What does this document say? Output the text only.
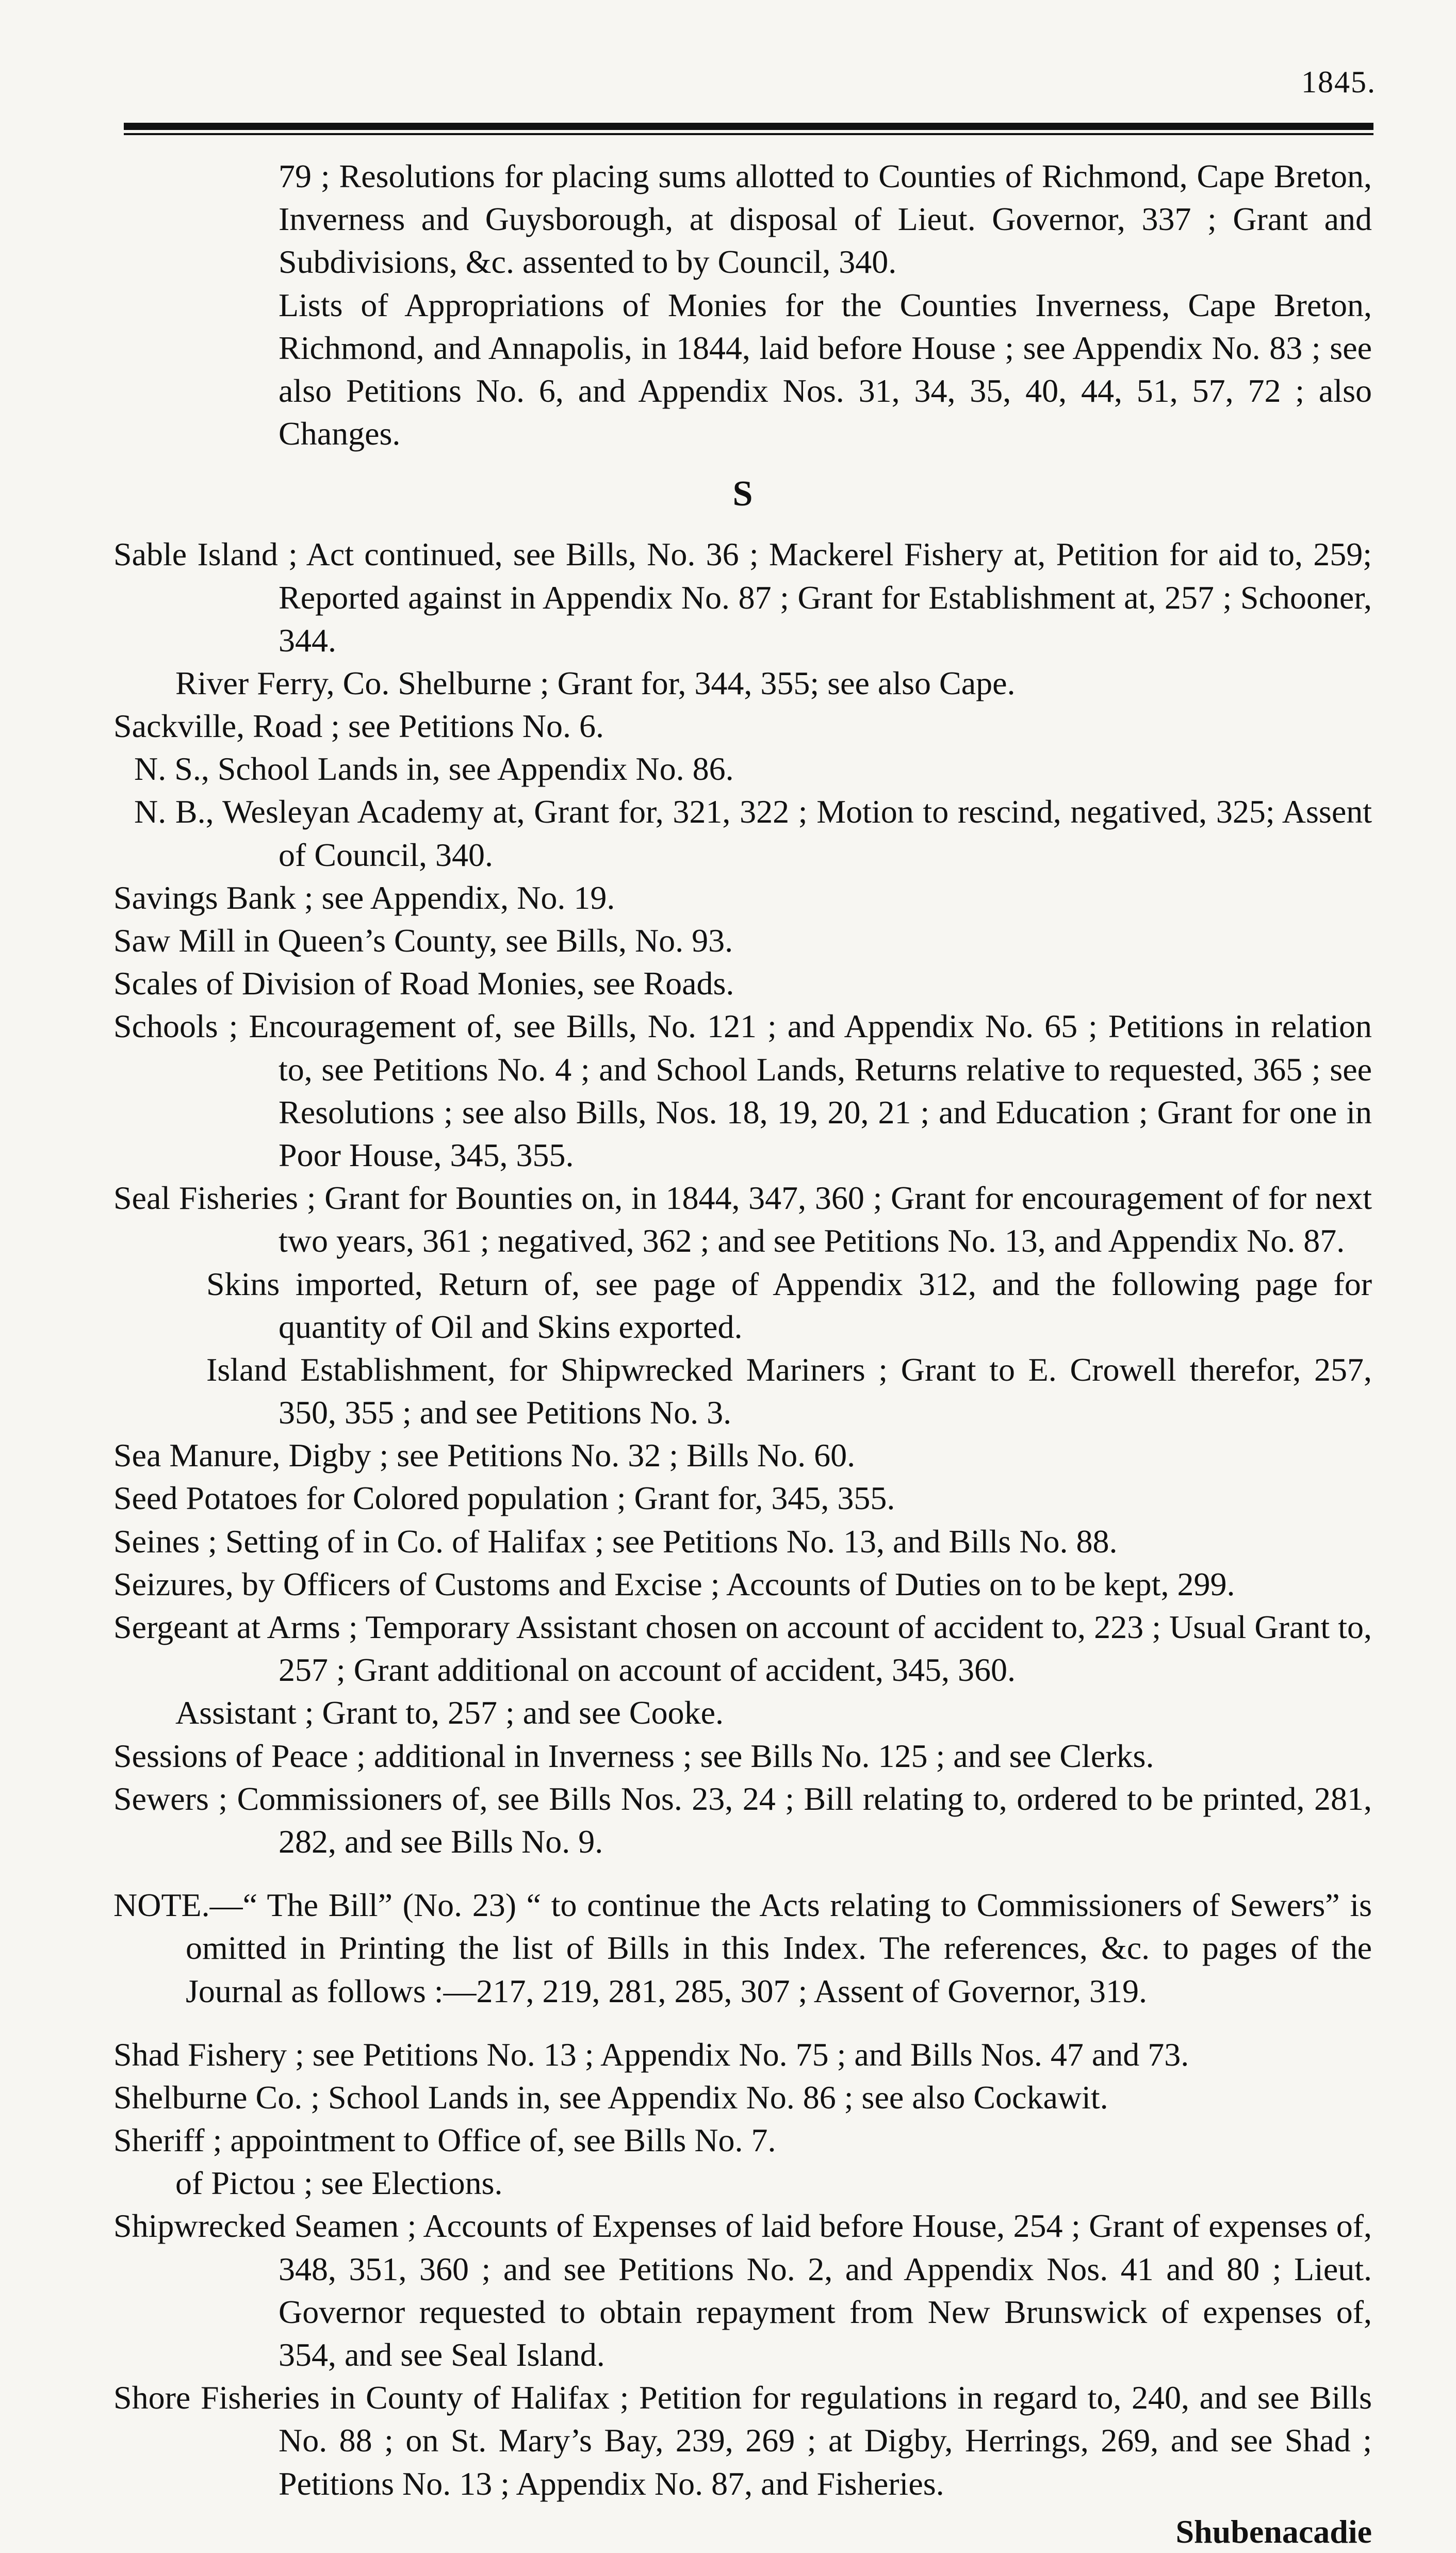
1845.

79 ; Resolutions for placing sums allotted to Counties of Richmond, Cape Breton, Inverness and Guysborough, at disposal of Lieut. Governor, 337 ; Grant and Subdivisions, &c. assented to by Council, 340.

Lists of Appropriations of Monies for the Counties Inverness, Cape Breton, Richmond, and Annapolis, in 1844, laid before House ; see Appendix No. 83 ; see also Petitions No. 6, and Appendix Nos. 31, 34, 35, 40, 44, 51, 57, 72 ; also Changes.

S

Sable Island ; Act continued, see Bills, No. 36 ; Mackerel Fishery at, Petition for aid to, 259; Reported against in Appendix No. 87 ; Grant for Establishment at, 257 ; Schooner, 344.

River Ferry, Co. Shelburne ; Grant for, 344, 355; see also Cape.

Sackville, Road ; see Petitions No. 6.

N. S., School Lands in, see Appendix No. 86.

N. B., Wesleyan Academy at, Grant for, 321, 322 ; Motion to rescind, negatived, 325; Assent of Council, 340.

Savings Bank ; see Appendix, No. 19.

Saw Mill in Queen’s County, see Bills, No. 93.

Scales of Division of Road Monies, see Roads.

Schools ; Encouragement of, see Bills, No. 121 ; and Appendix No. 65 ; Petitions in relation to, see Petitions No. 4 ; and School Lands, Returns relative to requested, 365 ; see Resolutions ; see also Bills, Nos. 18, 19, 20, 21 ; and Education ; Grant for one in Poor House, 345, 355.

Seal Fisheries ; Grant for Bounties on, in 1844, 347, 360 ; Grant for encouragement of for next two years, 361 ; negatived, 362 ; and see Petitions No. 13, and Appendix No. 87.

Skins imported, Return of, see page of Appendix 312, and the following page for quantity of Oil and Skins exported.

Island Establishment, for Shipwrecked Mariners ; Grant to E. Crowell therefor, 257, 350, 355 ; and see Petitions No. 3.

Sea Manure, Digby ; see Petitions No. 32 ; Bills No. 60.

Seed Potatoes for Colored population ; Grant for, 345, 355.

Seines ; Setting of in Co. of Halifax ; see Petitions No. 13, and Bills No. 88.

Seizures, by Officers of Customs and Excise ; Accounts of Duties on to be kept, 299.

Sergeant at Arms ; Temporary Assistant chosen on account of accident to, 223 ; Usual Grant to, 257 ; Grant additional on account of accident, 345, 360.

Assistant ; Grant to, 257 ; and see Cooke.

Sessions of Peace ; additional in Inverness ; see Bills No. 125 ; and see Clerks.

Sewers ; Commissioners of, see Bills Nos. 23, 24 ; Bill relating to, ordered to be printed, 281, 282, and see Bills No. 9.

NOTE.—“ The Bill” (No. 23) “ to continue the Acts relating to Commissioners of Sewers” is omitted in Printing the list of Bills in this Index. The references, &c. to pages of the Journal as follows :—217, 219, 281, 285, 307 ; Assent of Governor, 319.

Shad Fishery ; see Petitions No. 13 ; Appendix No. 75 ; and Bills Nos. 47 and 73.

Shelburne Co. ; School Lands in, see Appendix No. 86 ; see also Cockawit.

Sheriff ; appointment to Office of, see Bills No. 7.

of Pictou ; see Elections.

Shipwrecked Seamen ; Accounts of Expenses of laid before House, 254 ; Grant of expenses of, 348, 351, 360 ; and see Petitions No. 2, and Appendix Nos. 41 and 80 ; Lieut. Governor requested to obtain repayment from New Brunswick of expenses of, 354, and see Seal Island.

Shore Fisheries in County of Halifax ; Petition for regulations in regard to, 240, and see Bills No. 88 ; on St. Mary’s Bay, 239, 269 ; at Digby, Herrings, 269, and see Shad ; Petitions No. 13 ; Appendix No. 87, and Fisheries.

Shubenacadie
